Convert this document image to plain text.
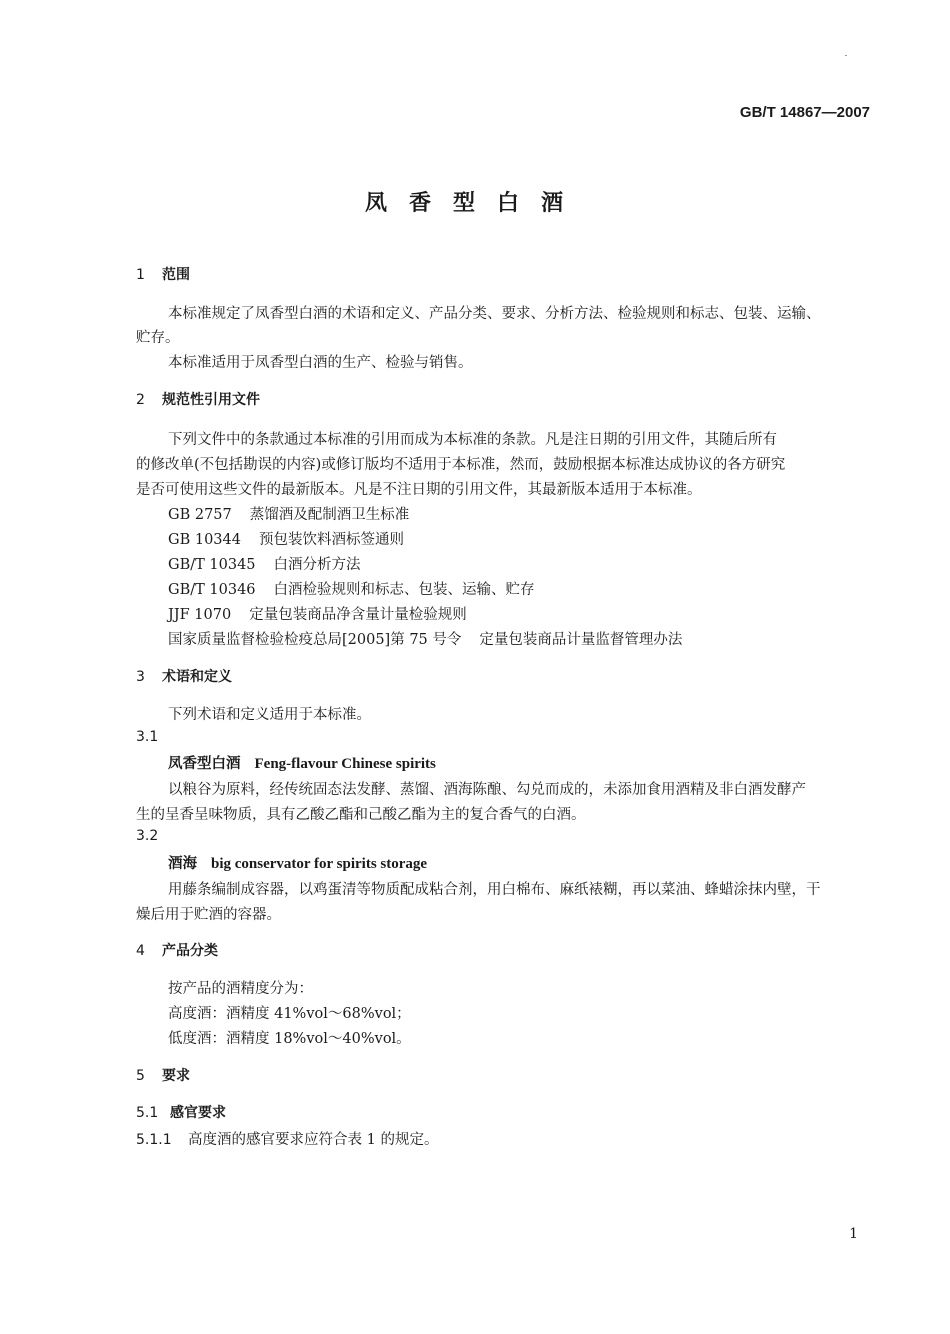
GB/T 14867—2007
凤香型白酒
1 范围
本标准规定了凤香型白酒的术语和定义、产品分类、要求、分析方法、检验规则和标志、包装、运输、
贮存。
本标准适用于凤香型白酒的生产、检验与销售。
2 规范性引用文件
下列文件中的条款通过本标准的引用而成为本标准的条款。凡是注日期的引用文件，其随后所有
的修改单(不包括勘误的内容)或修订版均不适用于本标准，然而，鼓励根据本标准达成协议的各方研究
是否可使用这些文件的最新版本。凡是不注日期的引用文件，其最新版本适用于本标准。
GB 2757 蒸馏酒及配制酒卫生标准
GB 10344 预包装饮料酒标签通则
GB/T 10345 白酒分析方法
GB/T 10346 白酒检验规则和标志、包装、运输、贮存
JJF 1070 定量包装商品净含量计量检验规则
国家质量监督检验检疫总局[2005]第 75 号令 定量包装商品计量监督管理办法
3 术语和定义
下列术语和定义适用于本标准。
3.1
凤香型白酒 Feng-flavour Chinese spirits
以粮谷为原料，经传统固态法发酵、蒸馏、酒海陈酿、勾兑而成的，未添加食用酒精及非白酒发酵产
生的呈香呈味物质，具有乙酸乙酯和己酸乙酯为主的复合香气的白酒。
3.2
酒海 big conservator for spirits storage
用藤条编制成容器，以鸡蛋清等物质配成粘合剂，用白棉布、麻纸裱糊，再以菜油、蜂蜡涂抹内壁，干
燥后用于贮酒的容器。
4 产品分类
按产品的酒精度分为：
高度酒：酒精度 41%vol～68%vol；
低度酒：酒精度 18%vol～40%vol。
5 要求
5.1 感官要求
5.1.1 高度酒的感官要求应符合表 1 的规定。
1
